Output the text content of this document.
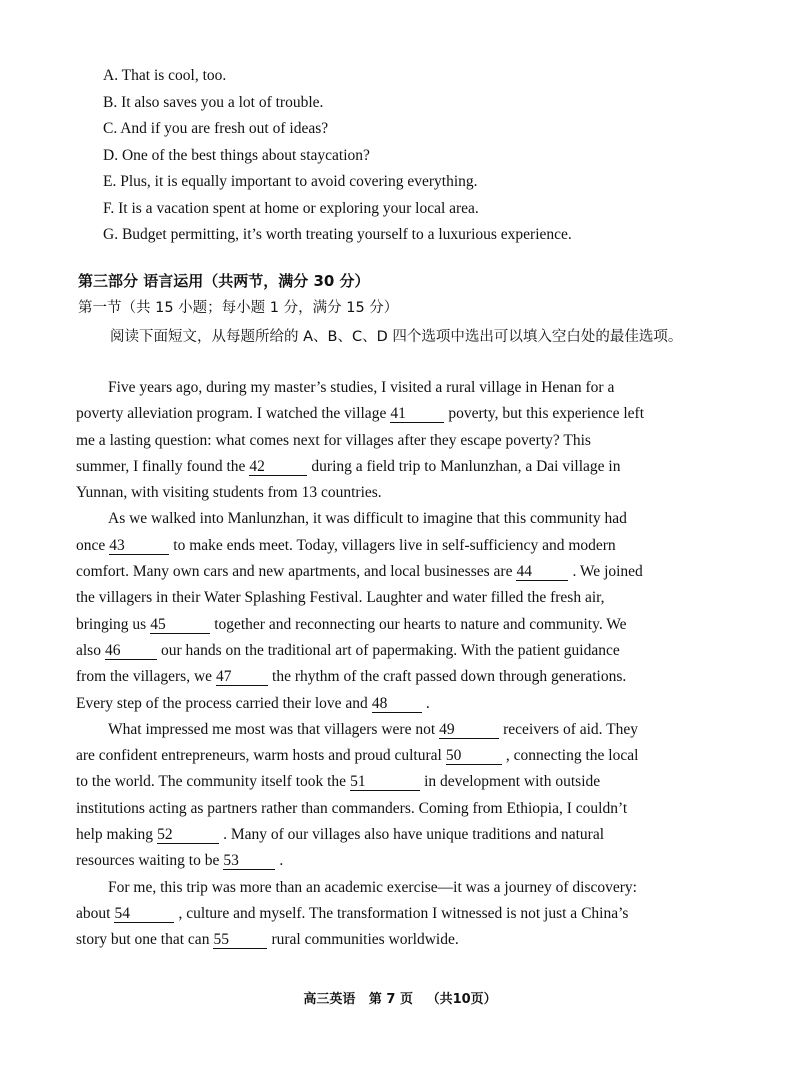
A. That is cool, too.
B. It also saves you a lot of trouble.
C. And if you are fresh out of ideas?
D. One of the best things about staycation?
E. Plus, it is equally important to avoid covering everything.
F. It is a vacation spent at home or exploring your local area.
G. Budget permitting, it’s worth treating yourself to a luxurious experience.
第三部分 语言运用（共两节，满分 30 分）
第一节（共 15 小题；每小题 1 分，满分 15 分）
阅读下面短文，从每题所给的 A、B、C、D 四个选项中选出可以填入空白处的最佳选项。

Five years ago, during my master’s studies, I visited a rural village in Henan for a
poverty alleviation program. I watched the village 41	poverty, but this experience left
me a lasting question: what comes next for villages after they escape poverty? This
summer, I finally found the 42	during a field trip to Manlunzhan, a Dai village in
Yunnan, with visiting students from 13 countries.

As we walked into Manlunzhan, it was difficult to imagine that this community had
once 43	to make ends meet. Today, villagers live in self-sufficiency and modern
comfort. Many own cars and new apartments, and local businesses are 44	. We joined
the villagers in their Water Splashing Festival. Laughter and water filled the fresh air,
bringing us 45	together and reconnecting our hearts to nature and community. We
also 46	our hands on the traditional art of papermaking. With the patient guidance
from the villagers, we 47	the rhythm of the craft passed down through generations.
Every step of the process carried their love and 48 .

What impressed me most was that villagers were not 49	receivers of aid. They
are confident entrepreneurs, warm hosts and proud cultural 50	, connecting the local
to the world. The community itself took the 51	in development with outside
institutions acting as partners rather than commanders. Coming from Ethiopia, I couldn’t
help making 52	. Many of our villages also have unique traditions and natural
resources waiting to be 53	.

For me, this trip was more than an academic exercise—it was a journey of discovery:
about 54	, culture and myself. The transformation I witnessed is not just a China’s
story but one that can 55	rural communities worldwide.

高三英语   第 7 页   （共10页）
